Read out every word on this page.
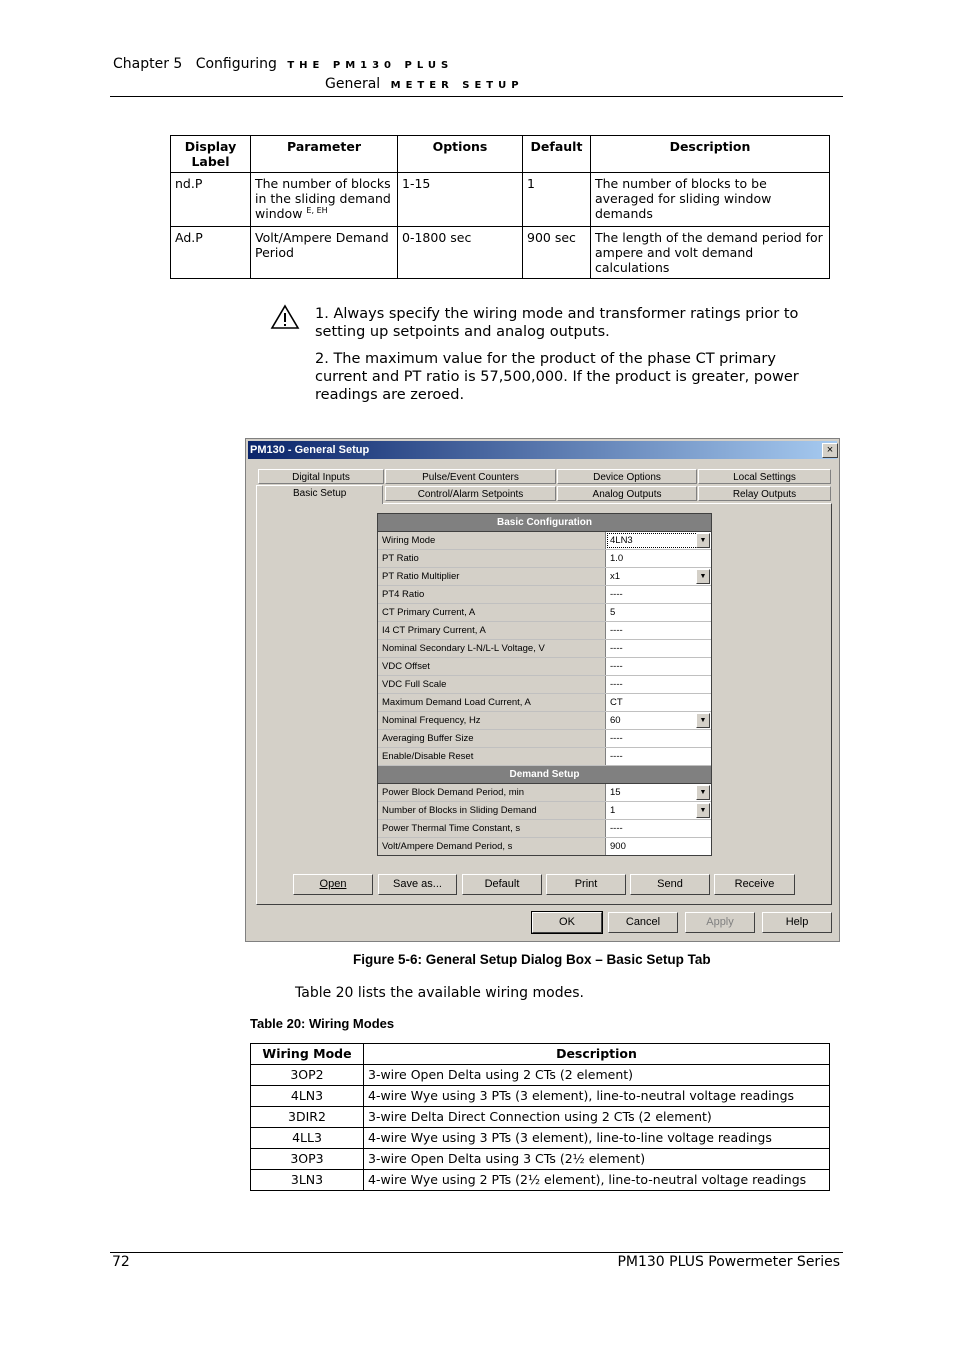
Chapter 5 Configuring THE PM130 PLUS
General METER SETUP
Display Label	Parameter	Options	Default	Description
nd.P	The number of blocks in the sliding demand window $^{E, EH}$	1-15	1	The number of blocks to be averaged for sliding window demands
Ad.P	Volt/Ampere Demand Period	0-1800 sec	900 sec	The length of the demand period for ampere and volt demand calculations
1. Always specify the wiring mode and transformer ratings prior to setting up setpoints and analog outputs.
2. The maximum value for the product of the phase CT primary current and PT ratio is 57,500,000. If the product is greater, power readings are zeroed.
PM130 - General Setup	×
Digital Inputs	Pulse/Event Counters	Device Options	Local Settings
Basic Setup	Control/Alarm Setpoints	Analog Outputs	Relay Outputs
Basic Configuration
Wiring Mode	4LN3	▼
PT Ratio	1.0
PT Ratio Multiplier	x1	▼
PT4 Ratio	----
CT Primary Current, A	5
I4 CT Primary Current, A	----
Nominal Secondary L-N/L-L Voltage, V	----
VDC Offset	----
VDC Full Scale	----
Maximum Demand Load Current, A	CT
Nominal Frequency, Hz	60	▼
Averaging Buffer Size	----
Enable/Disable Reset	----
Demand Setup
Power Block Demand Period, min	15	▼
Number of Blocks in Sliding Demand	1	▼
Power Thermal Time Constant, s	----
Volt/Ampere Demand Period, s	900
Open	Save as...	Default	Print	Send	Receive
OK	Cancel	Apply	Help
Figure 5-6: General Setup Dialog Box – Basic Setup Tab
Table 20 lists the available wiring modes.
Table 20: Wiring Modes
Wiring Mode	Description
3OP2	3-wire Open Delta using 2 CTs (2 element)
4LN3	4-wire Wye using 3 PTs (3 element), line-to-neutral voltage readings
3DIR2	3-wire Delta Direct Connection using 2 CTs (2 element)
4LL3	4-wire Wye using 3 PTs (3 element), line-to-line voltage readings
3OP3	3-wire Open Delta using 3 CTs (2½ element)
3LN3	4-wire Wye using 2 PTs (2½ element), line-to-neutral voltage readings
72	PM130 PLUS Powermeter Series
